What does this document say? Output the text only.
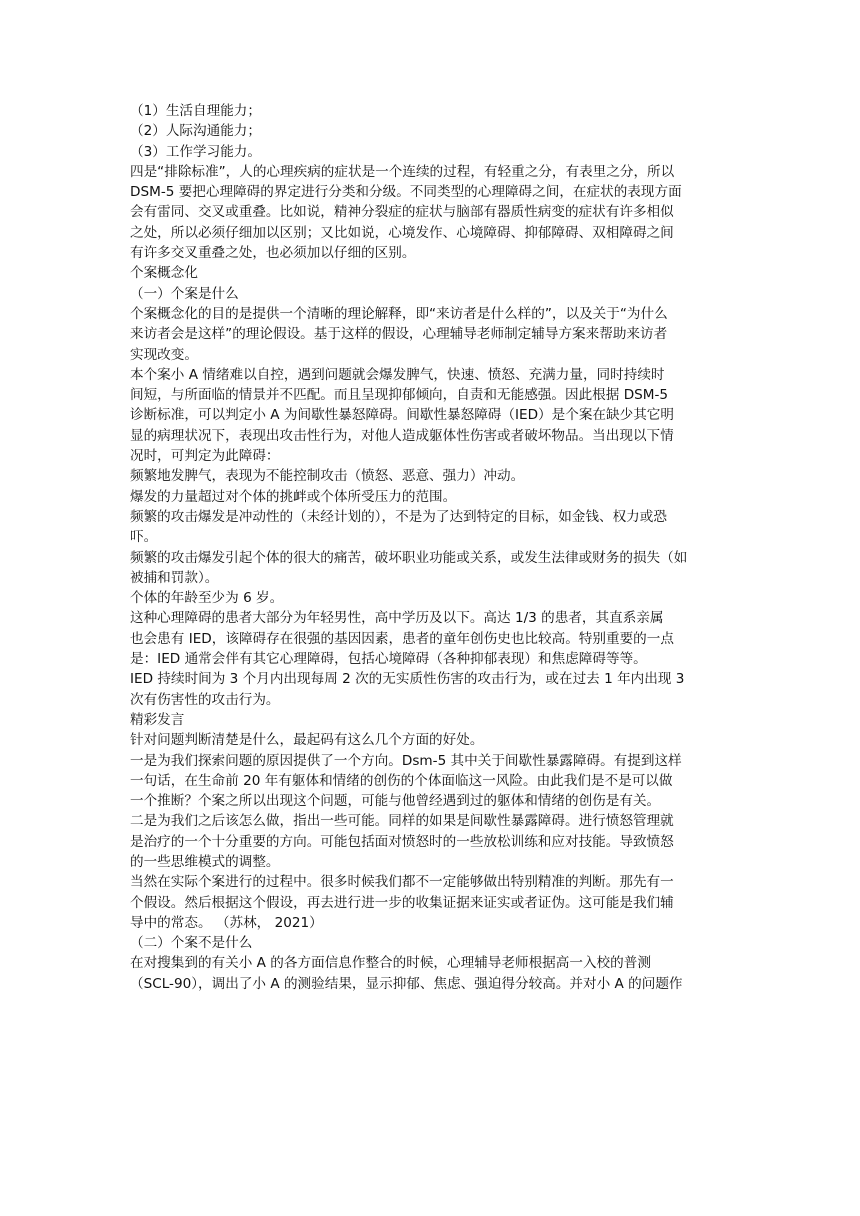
（1）生活自理能力；
（2）人际沟通能力；
（3）工作学习能力。
四是“排除标准”，人的心理疾病的症状是一个连续的过程，有轻重之分，有表里之分，所以
DSM-5 要把心理障碍的界定进行分类和分级。不同类型的心理障碍之间，在症状的表现方面
会有雷同、交叉或重叠。比如说，精神分裂症的症状与脑部有器质性病变的症状有许多相似
之处，所以必须仔细加以区别；又比如说，心境发作、心境障碍、抑郁障碍、双相障碍之间
有许多交叉重叠之处，也必须加以仔细的区别。
个案概念化
（一）个案是什么
个案概念化的目的是提供一个清晰的理论解释，即“来访者是什么样的”，以及关于“为什么
来访者会是这样”的理论假设。基于这样的假设，心理辅导老师制定辅导方案来帮助来访者
实现改变。
本个案小 A 情绪难以自控，遇到问题就会爆发脾气，快速、愤怒、充满力量，同时持续时
间短，与所面临的情景并不匹配。而且呈现抑郁倾向，自责和无能感强。因此根据 DSM-5
诊断标准，可以判定小 A 为间歇性暴怒障碍。间歇性暴怒障碍（IED）是个案在缺少其它明
显的病理状况下，表现出攻击性行为，对他人造成躯体性伤害或者破坏物品。当出现以下情
况时，可判定为此障碍：
频繁地发脾气，表现为不能控制攻击（愤怒、恶意、强力）冲动。
爆发的力量超过对个体的挑衅或个体所受压力的范围。
频繁的攻击爆发是冲动性的（未经计划的），不是为了达到特定的目标，如金钱、权力或恐
吓。
频繁的攻击爆发引起个体的很大的痛苦，破坏职业功能或关系，或发生法律或财务的损失（如
被捕和罚款）。
个体的年龄至少为 6 岁。
这种心理障碍的患者大部分为年轻男性，高中学历及以下。高达 1/3 的患者，其直系亲属
也会患有 IED，该障碍存在很强的基因因素，患者的童年创伤史也比较高。特别重要的一点
是：IED 通常会伴有其它心理障碍，包括心境障碍（各种抑郁表现）和焦虑障碍等等。
IED 持续时间为 3 个月内出现每周 2 次的无实质性伤害的攻击行为，或在过去 1 年内出现 3
次有伤害性的攻击行为。
精彩发言
针对问题判断清楚是什么，最起码有这么几个方面的好处。
一是为我们探索问题的原因提供了一个方向。Dsm-5 其中关于间歇性暴露障碍。有提到这样
一句话，在生命前 20 年有躯体和情绪的创伤的个体面临这一风险。由此我们是不是可以做
一个推断？个案之所以出现这个问题，可能与他曾经遇到过的躯体和情绪的创伤是有关。
二是为我们之后该怎么做，指出一些可能。同样的如果是间歇性暴露障碍。进行愤怒管理就
是治疗的一个十分重要的方向。可能包括面对愤怒时的一些放松训练和应对技能。导致愤怒
的一些思维模式的调整。
当然在实际个案进行的过程中。很多时候我们都不一定能够做出特别精准的判断。那先有一
个假设。然后根据这个假设，再去进行进一步的收集证据来证实或者证伪。这可能是我们辅
导中的常态。 （苏林， 2021）
（二）个案不是什么
在对搜集到的有关小 A 的各方面信息作整合的时候，心理辅导老师根据高一入校的普测
（SCL-90），调出了小 A 的测验结果，显示抑郁、焦虑、强迫得分较高。并对小 A 的问题作
